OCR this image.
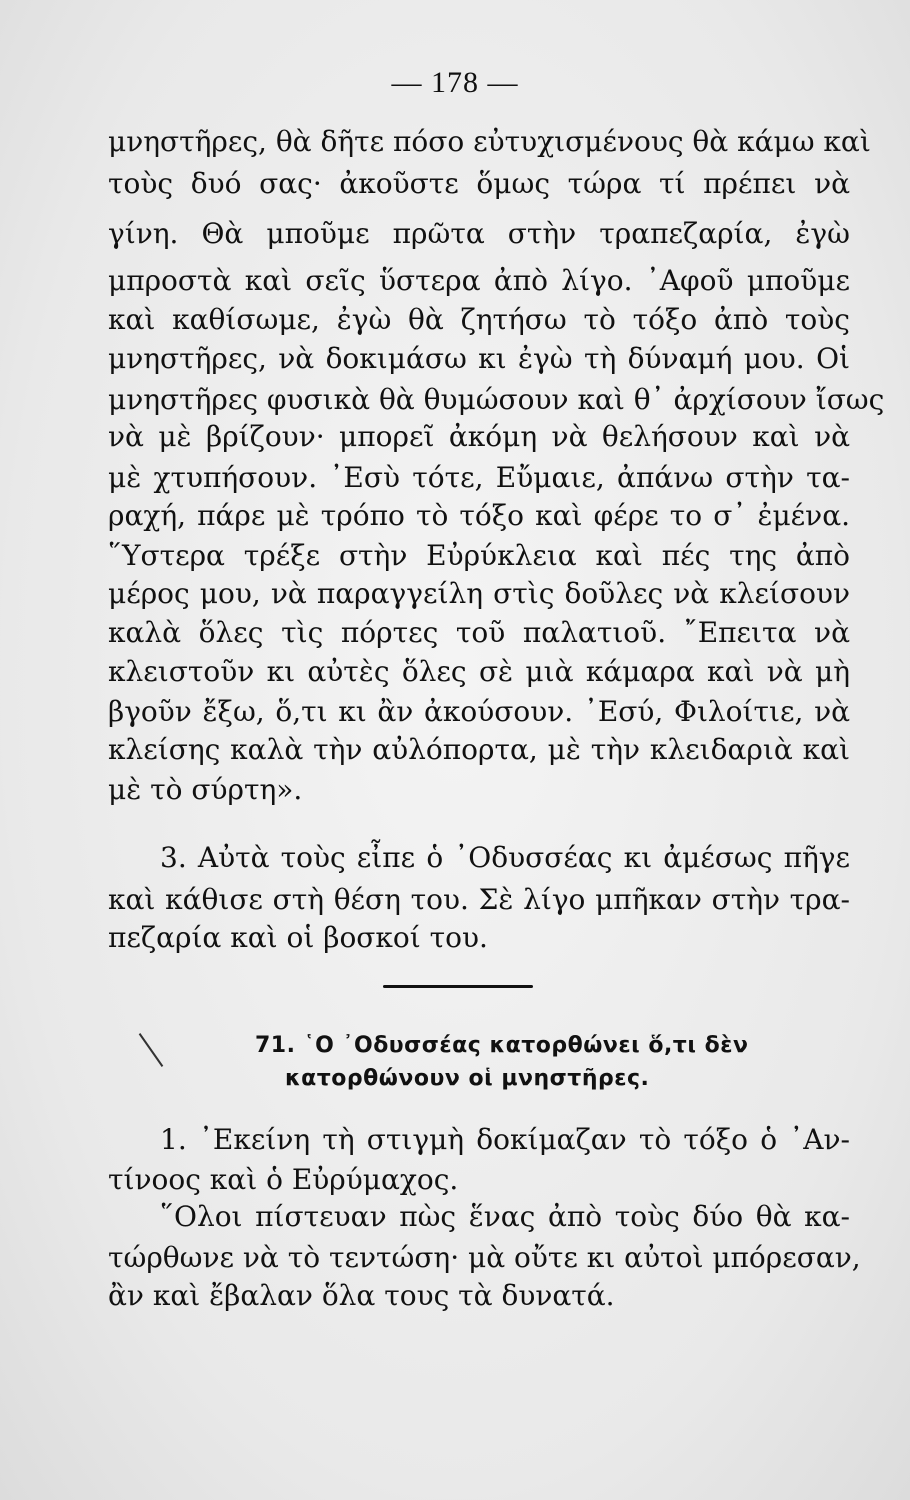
— 178 —
μνηστῆρες, θὰ δῆτε πόσο εὐτυχισμένους θὰ κάμω καὶ
τοὺς δυό σας· ἀκοῦστε ὅμως τώρα τί πρέπει νὰ
γίνη. Θὰ μποῦμε πρῶτα στὴν τραπεζαρία, ἐγὼ
μπροστὰ καὶ σεῖς ὕστερα ἀπὸ λίγο. ᾿Αφοῦ μποῦμε
καὶ καθίσωμε, ἐγὼ θὰ ζητήσω τὸ τόξο ἀπὸ τοὺς
μνηστῆρες, νὰ δοκιμάσω κι ἐγὼ τὴ δύναμή μου. Οἱ
μνηστῆρες φυσικὰ θὰ θυμώσουν καὶ θ᾿ ἀρχίσουν ἴσως
νὰ μὲ βρίζουν· μπορεῖ ἀκόμη νὰ θελήσουν καὶ νὰ
μὲ χτυπήσουν. ᾿Εσὺ τότε, Εὔμαιε, ἀπάνω στὴν τα-
ραχή, πάρε μὲ τρόπο τὸ τόξο καὶ φέρε το σ᾿ ἐμένα.
῞Υστερα τρέξε στὴν Εὐρύκλεια καὶ πές της ἀπὸ
μέρος μου, νὰ παραγγείλη στὶς δοῦλες νὰ κλείσουν
καλὰ ὅλες τὶς πόρτες τοῦ παλατιοῦ. ῎Επειτα νὰ
κλειστοῦν κι αὐτὲς ὅλες σὲ μιὰ κάμαρα καὶ νὰ μὴ
βγοῦν ἔξω, ὅ,τι κι ἂν ἀκούσουν. ᾿Εσύ, Φιλοίτιε, νὰ
κλείσης καλὰ τὴν αὐλόπορτα, μὲ τὴν κλειδαριὰ καὶ
μὲ τὸ σύρτη».
3. Αὐτὰ τοὺς εἶπε ὁ ᾿Οδυσσέας κι ἀμέσως πῆγε
καὶ κάθισε στὴ θέση του. Σὲ λίγο μπῆκαν στὴν τρα-
πεζαρία καὶ οἱ βοσκοί του.
71. ῾Ο ᾿Οδυσσέας κατορθώνει ὅ,τι δὲν
κατορθώνουν οἱ μνηστῆρες.
1. ᾿Εκείνη τὴ στιγμὴ δοκίμαζαν τὸ τόξο ὁ ᾿Αν-
τίνοος καὶ ὁ Εὐρύμαχος.
῞Ολοι πίστευαν πὼς ἕνας ἀπὸ τοὺς δύο θὰ κα-
τώρθωνε νὰ τὸ τεντώση· μὰ οὔτε κι αὐτοὶ μπόρεσαν,
ἂν καὶ ἔβαλαν ὅλα τους τὰ δυνατά.
